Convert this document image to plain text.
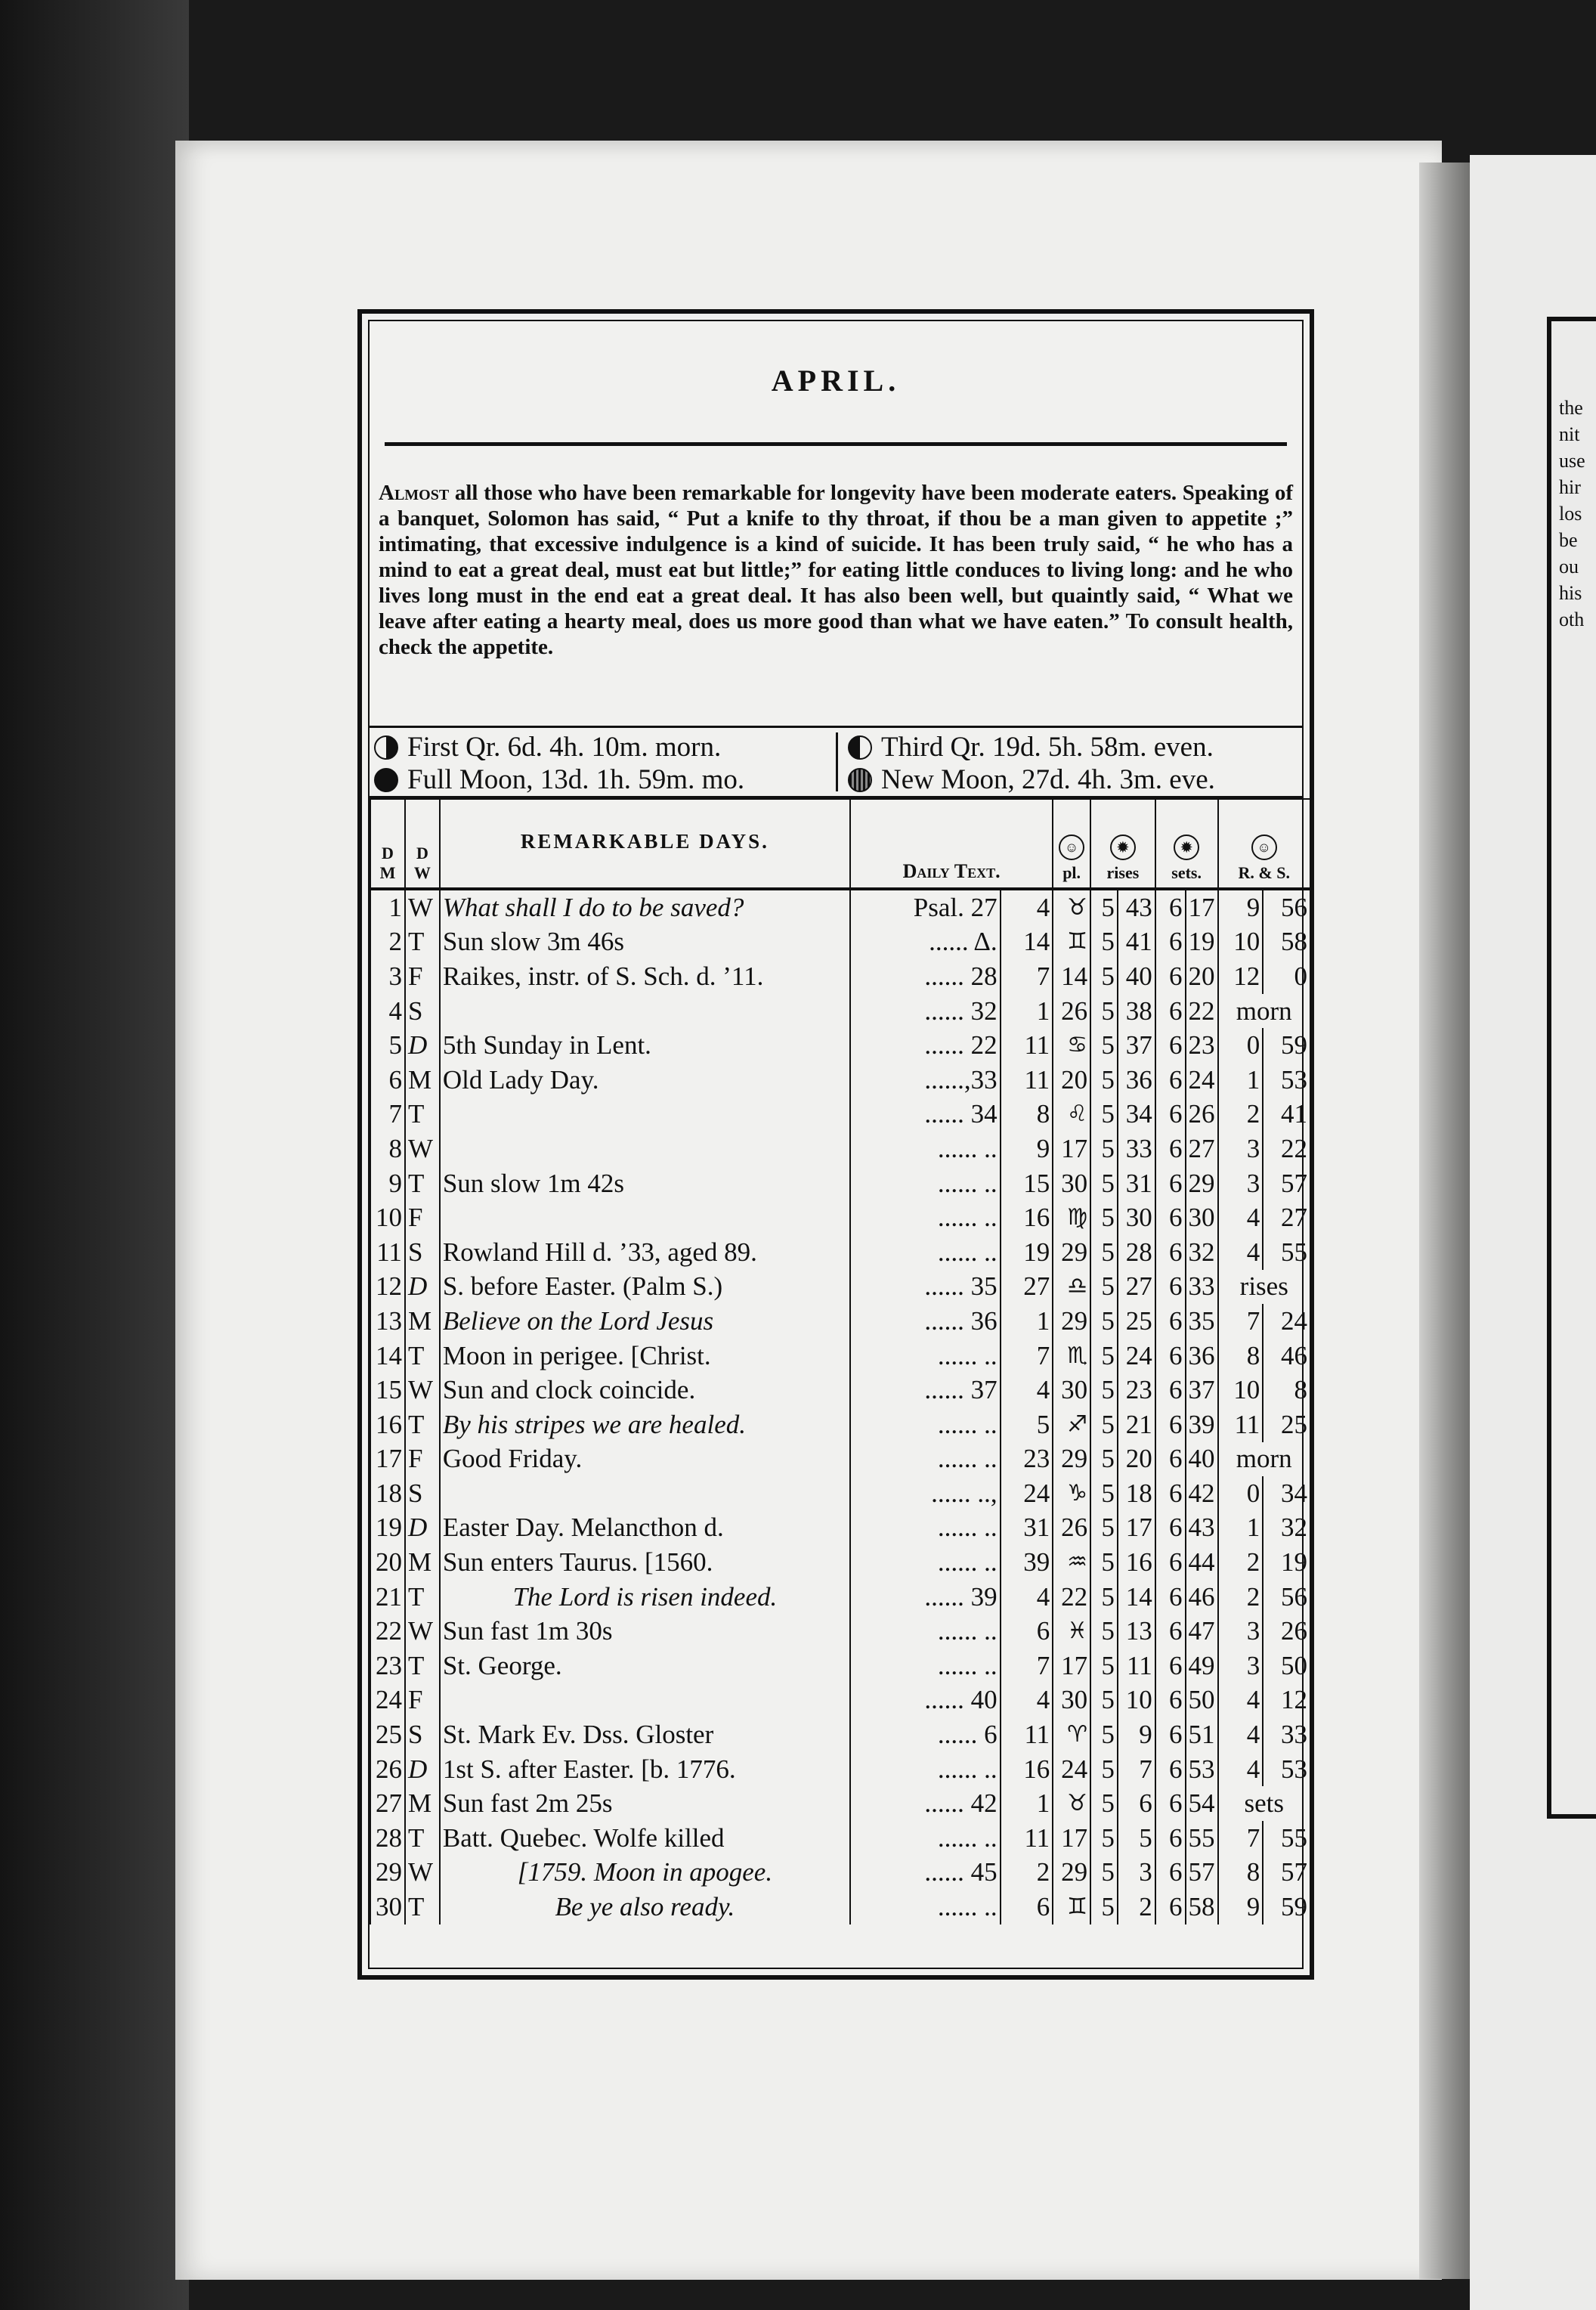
the
nit
use
hir
los
be
ou
his
oth
APRIL.
Almost all those who have been remarkable for longevity have been moderate eaters. Speaking of a banquet, Solomon has said, “ Put a knife to thy throat, if thou be a man given to appetite ;” intimating, that excessive indulgence is a kind of suicide. It has been truly said, “ he who has a mind to eat a great deal, must eat but little;” for eating little conduces to living long: and he who lives long must in the end eat a great deal. It has also been well, but quaintly said, “ What we leave after eating a hearty meal, does us more good than what we have eaten.” To consult health, check the appetite.
First Qr. 6d. 4h. 10m. morn.
Full Moon, 13d. 1h. 59m. mo.
Third Qr. 19d. 5h. 58m. even.
New Moon, 27d. 4h. 3m. eve.
D
M	D
W	REMARKABLE DAYS.	Daily Text.		☺
pl.	✹
rises		✹
sets.		☺
R. & S.	
1	W	What shall I do to be saved?	Psal. 27	4	♉	5	43	6	17	9	56
2	T	Sun slow 3m 46s	...... Δ.	14	♊	5	41	6	19	10	58
3	F	Raikes, instr. of S. Sch. d. ’11.	...... 28	7	14	5	40	6	20	12	0
4	S		...... 32	1	26	5	38	6	22	morn	
5	D	5th Sunday in Lent.	...... 22	11	♋	5	37	6	23	0	59
6	M	Old Lady Day.	......,33	11	20	5	36	6	24	1	53
7	T		...... 34	8	♌	5	34	6	26	2	41
8	W		...... ..	9	17	5	33	6	27	3	22
9	T	Sun slow 1m 42s	...... ..	15	30	5	31	6	29	3	57
10	F		...... ..	16	♍	5	30	6	30	4	27
11	S	Rowland Hill d. ’33, aged 89.	...... ..	19	29	5	28	6	32	4	55
12	D	S. before Easter. (Palm S.)	...... 35	27	♎	5	27	6	33	rises	
13	M	Believe on the Lord Jesus	...... 36	1	29	5	25	6	35	7	24
14	T	Moon in perigee. [Christ.	...... ..	7	♏	5	24	6	36	8	46
15	W	Sun and clock coincide.	...... 37	4	30	5	23	6	37	10	8
16	T	By his stripes we are healed.	...... ..	5	♐	5	21	6	39	11	25
17	F	Good Friday.	...... ..	23	29	5	20	6	40	morn	
18	S		...... ..,	24	♑	5	18	6	42	0	34
19	D	Easter Day. Melancthon d.	...... ..	31	26	5	17	6	43	1	32
20	M	Sun enters Taurus. [1560.	...... ..	39	♒	5	16	6	44	2	19
21	T	The Lord is risen indeed.	...... 39	4	22	5	14	6	46	2	56
22	W	Sun fast 1m 30s	...... ..	6	♓	5	13	6	47	3	26
23	T	St. George.	...... ..	7	17	5	11	6	49	3	50
24	F		...... 40	4	30	5	10	6	50	4	12
25	S	St. Mark Ev. Dss. Gloster	...... 6	11	♈	5	9	6	51	4	33
26	D	1st S. after Easter. [b. 1776.	...... ..	16	24	5	7	6	53	4	53
27	M	Sun fast 2m 25s	...... 42	1	♉	5	6	6	54	sets	
28	T	Batt. Quebec. Wolfe killed	...... ..	11	17	5	5	6	55	7	55
29	W	[1759. Moon in apogee.	...... 45	2	29	5	3	6	57	8	57
30	T	Be ye also ready.	...... ..	6	♊	5	2	6	58	9	59
